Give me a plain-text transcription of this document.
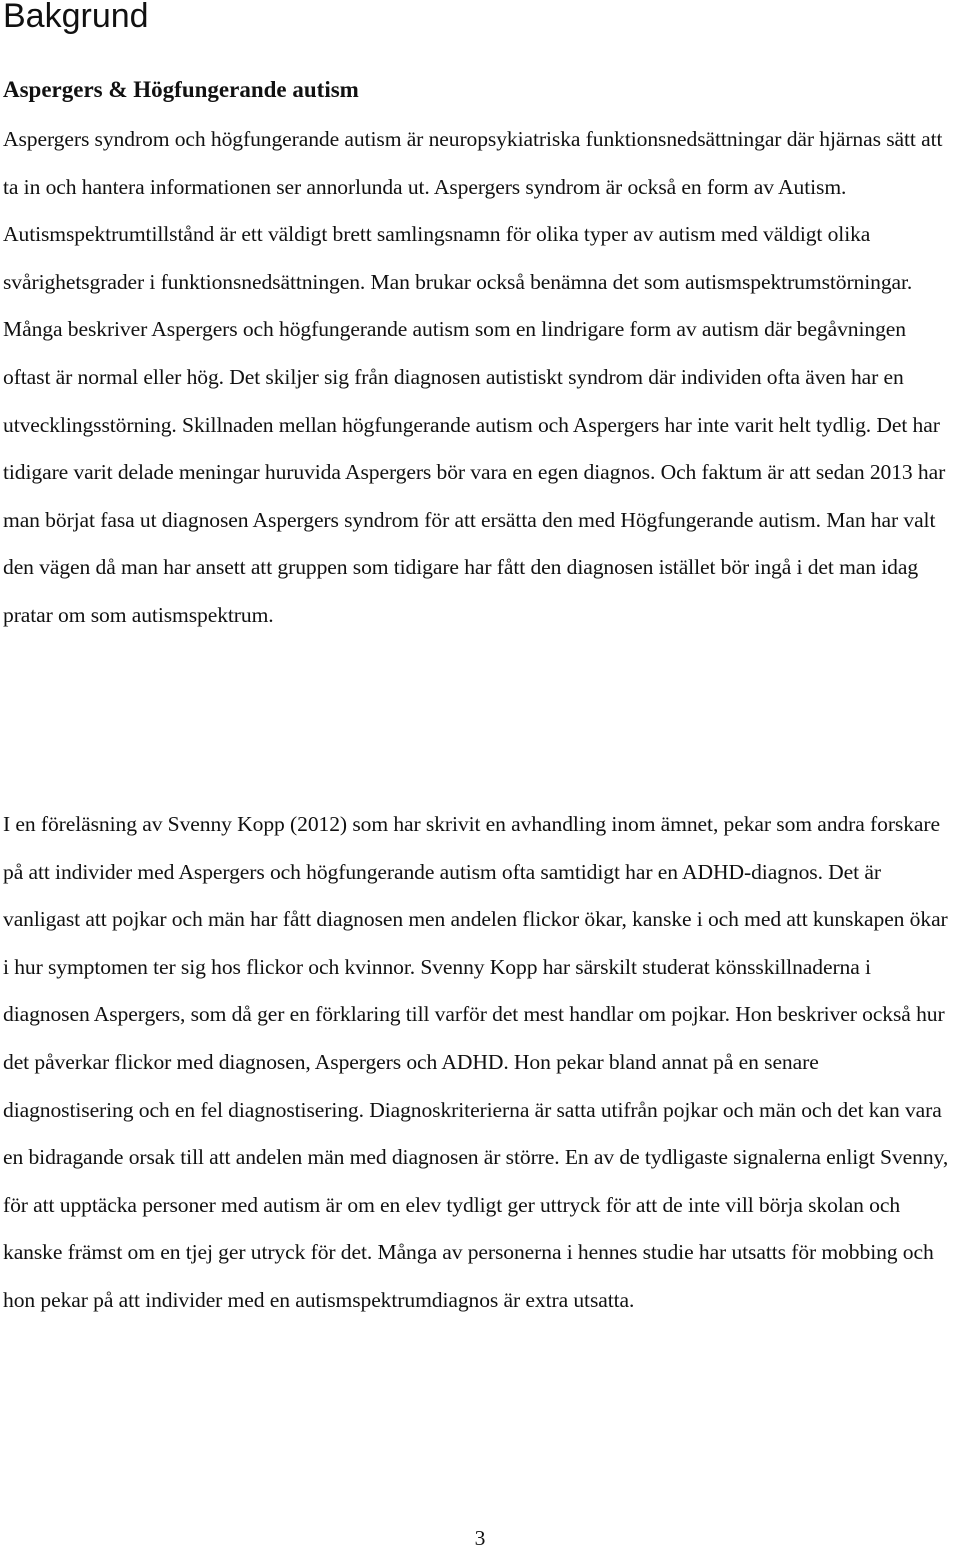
Bakgrund
Aspergers & Högfungerande autism

Aspergers syndrom och högfungerande autism är neuropsykiatriska funktionsnedsättningar där hjärnas sätt att ta in och hantera informationen ser annorlunda ut. Aspergers syndrom är också en form av Autism. Autismspektrumtillstånd är ett väldigt brett samlingsnamn för olika typer av autism med väldigt olika svårighetsgrader i funktionsnedsättningen. Man brukar också benämna det som autismspektrumstörningar. Många beskriver Aspergers och högfungerande autism som en lindrigare form av autism där begåvningen oftast är normal eller hög. Det skiljer sig från diagnosen autistiskt syndrom där individen ofta även har en utvecklingsstörning. Skillnaden mellan högfungerande autism och Aspergers har inte varit helt tydlig. Det har tidigare varit delade meningar huruvida Aspergers bör vara en egen diagnos. Och faktum är att sedan 2013 har man börjat fasa ut diagnosen Aspergers syndrom för att ersätta den med Högfungerande autism. Man har valt den vägen då man har ansett att gruppen som tidigare har fått den diagnosen istället bör ingå i det man idag pratar om som autismspektrum.

I en föreläsning av Svenny Kopp (2012) som har skrivit en avhandling inom ämnet, pekar som andra forskare på att individer med Aspergers och högfungerande autism ofta samtidigt har en ADHD-diagnos. Det är vanligast att pojkar och män har fått diagnosen men andelen flickor ökar, kanske i och med att kunskapen ökar i hur symptomen ter sig hos flickor och kvinnor. Svenny Kopp har särskilt studerat könsskillnaderna i diagnosen Aspergers, som då ger en förklaring till varför det mest handlar om pojkar. Hon beskriver också hur det påverkar flickor med diagnosen, Aspergers och ADHD. Hon pekar bland annat på en senare diagnostisering och en fel diagnostisering. Diagnoskriterierna är satta utifrån pojkar och män och det kan vara en bidragande orsak till att andelen män med diagnosen är större. En av de tydligaste signalerna enligt Svenny, för att upptäcka personer med autism är om en elev tydligt ger uttryck för att de inte vill börja skolan och kanske främst om en tjej ger utryck för det. Många av personerna i hennes studie har utsatts för mobbing och hon pekar på att individer med en autismspektrumdiagnos är extra utsatta.

3
